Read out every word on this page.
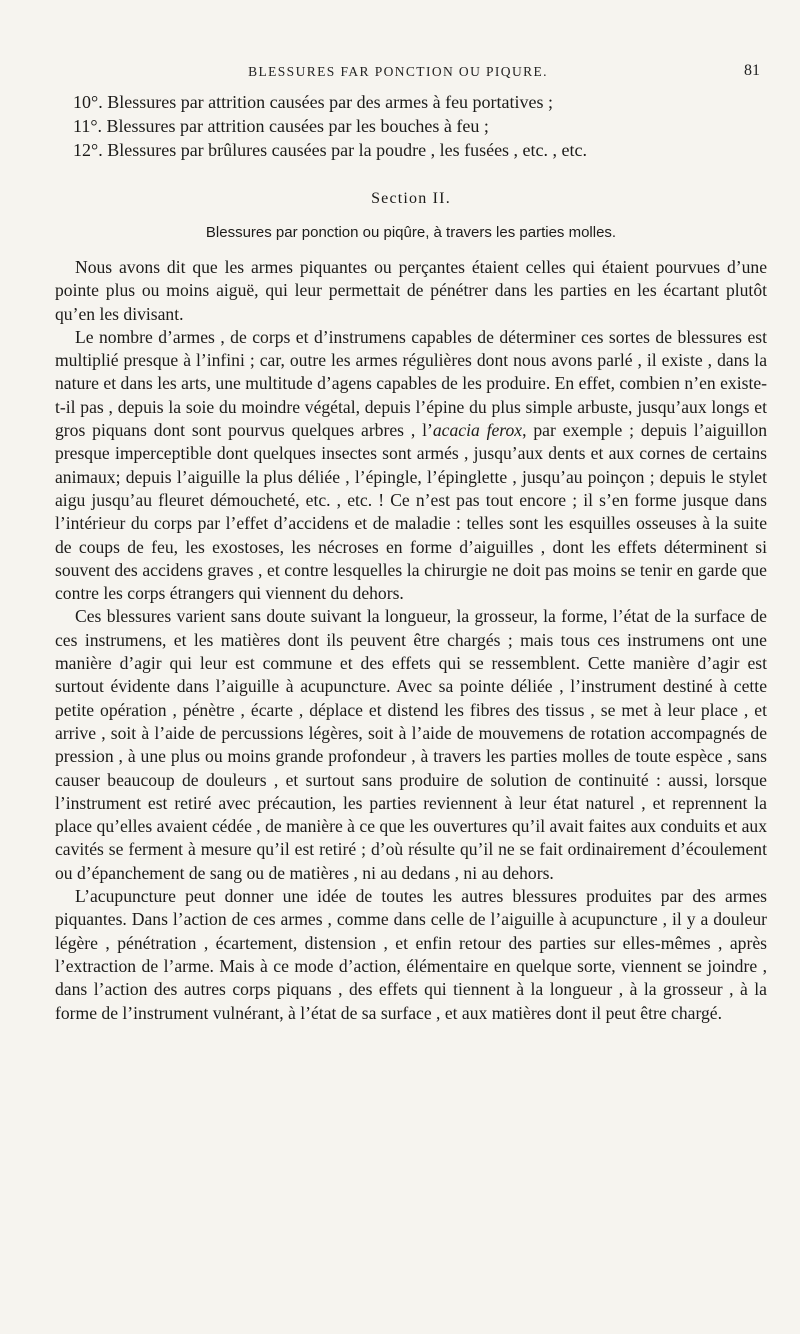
BLESSURES FAR PONCTION OU PIQURE.	81

10°. Blessures par attrition causées par des armes à feu portatives ;

11°. Blessures par attrition causées par les bouches à feu ;

12°. Blessures par brûlures causées par la poudre , les fusées , etc. , etc.

Section II.
Blessures par ponction ou piqûre, à travers les parties molles.

Nous avons dit que les armes piquantes ou perçantes étaient celles qui étaient pourvues d’une pointe plus ou moins aiguë, qui leur permettait de pénétrer dans les parties en les écartant plutôt qu’en les divisant.

Le nombre d’armes , de corps et d’instrumens capables de déterminer ces sortes de blessures est multiplié presque à l’infini ; car, outre les armes régulières dont nous avons parlé , il existe , dans la nature et dans les arts, une multitude d’agens capables de les produire. En effet, combien n’en existe-t-il pas , depuis la soie du moindre végétal, depuis l’épine du plus simple arbuste, jusqu’aux longs et gros piquans dont sont pourvus quelques arbres , l’acacia ferox, par exemple ; depuis l’aiguillon presque imperceptible dont quelques insectes sont armés , jusqu’aux dents et aux cornes de certains animaux; depuis l’aiguille la plus déliée , l’épingle, l’épinglette , jusqu’au poinçon ; depuis le stylet aigu jusqu’au fleuret démoucheté, etc. , etc. ! Ce n’est pas tout encore ; il s’en forme jusque dans l’intérieur du corps par l’effet d’accidens et de maladie : telles sont les esquilles osseuses à la suite de coups de feu, les exostoses, les nécroses en forme d’aiguilles , dont les effets déterminent si souvent des accidens graves , et contre lesquelles la chirurgie ne doit pas moins se tenir en garde que contre les corps étrangers qui viennent du dehors.

Ces blessures varient sans doute suivant la longueur, la grosseur, la forme, l’état de la surface de ces instrumens, et les matières dont ils peuvent être chargés ; mais tous ces instrumens ont une manière d’agir qui leur est commune et des effets qui se ressemblent. Cette manière d’agir est surtout évidente dans l’aiguille à acupuncture. Avec sa pointe déliée , l’instrument destiné à cette petite opération , pénètre , écarte , déplace et distend les fibres des tissus , se met à leur place , et arrive , soit à l’aide de percussions légères, soit à l’aide de mouvemens de rotation accompagnés de pression , à une plus ou moins grande profondeur , à travers les parties molles de toute espèce , sans causer beaucoup de douleurs , et surtout sans produire de solution de continuité : aussi, lorsque l’instrument est retiré avec précaution, les parties reviennent à leur état naturel , et reprennent la place qu’elles avaient cédée , de manière à ce que les ouvertures qu’il avait faites aux conduits et aux cavités se ferment à mesure qu’il est retiré ; d’où résulte qu’il ne se fait ordinairement d’écoulement ou d’épanchement de sang ou de matières , ni au dedans , ni au dehors.

L’acupuncture peut donner une idée de toutes les autres blessures produites par des armes piquantes. Dans l’action de ces armes , comme dans celle de l’aiguille à acupuncture , il y a douleur légère , pénétration , écartement, distension , et enfin retour des parties sur elles-mêmes , après l’extraction de l’arme. Mais à ce mode d’action, élémentaire en quelque sorte, viennent se joindre , dans l’action des autres corps piquans , des effets qui tiennent à la longueur , à la grosseur , à la forme de l’instrument vulnérant, à l’état de sa surface , et aux matières dont il peut être chargé.
